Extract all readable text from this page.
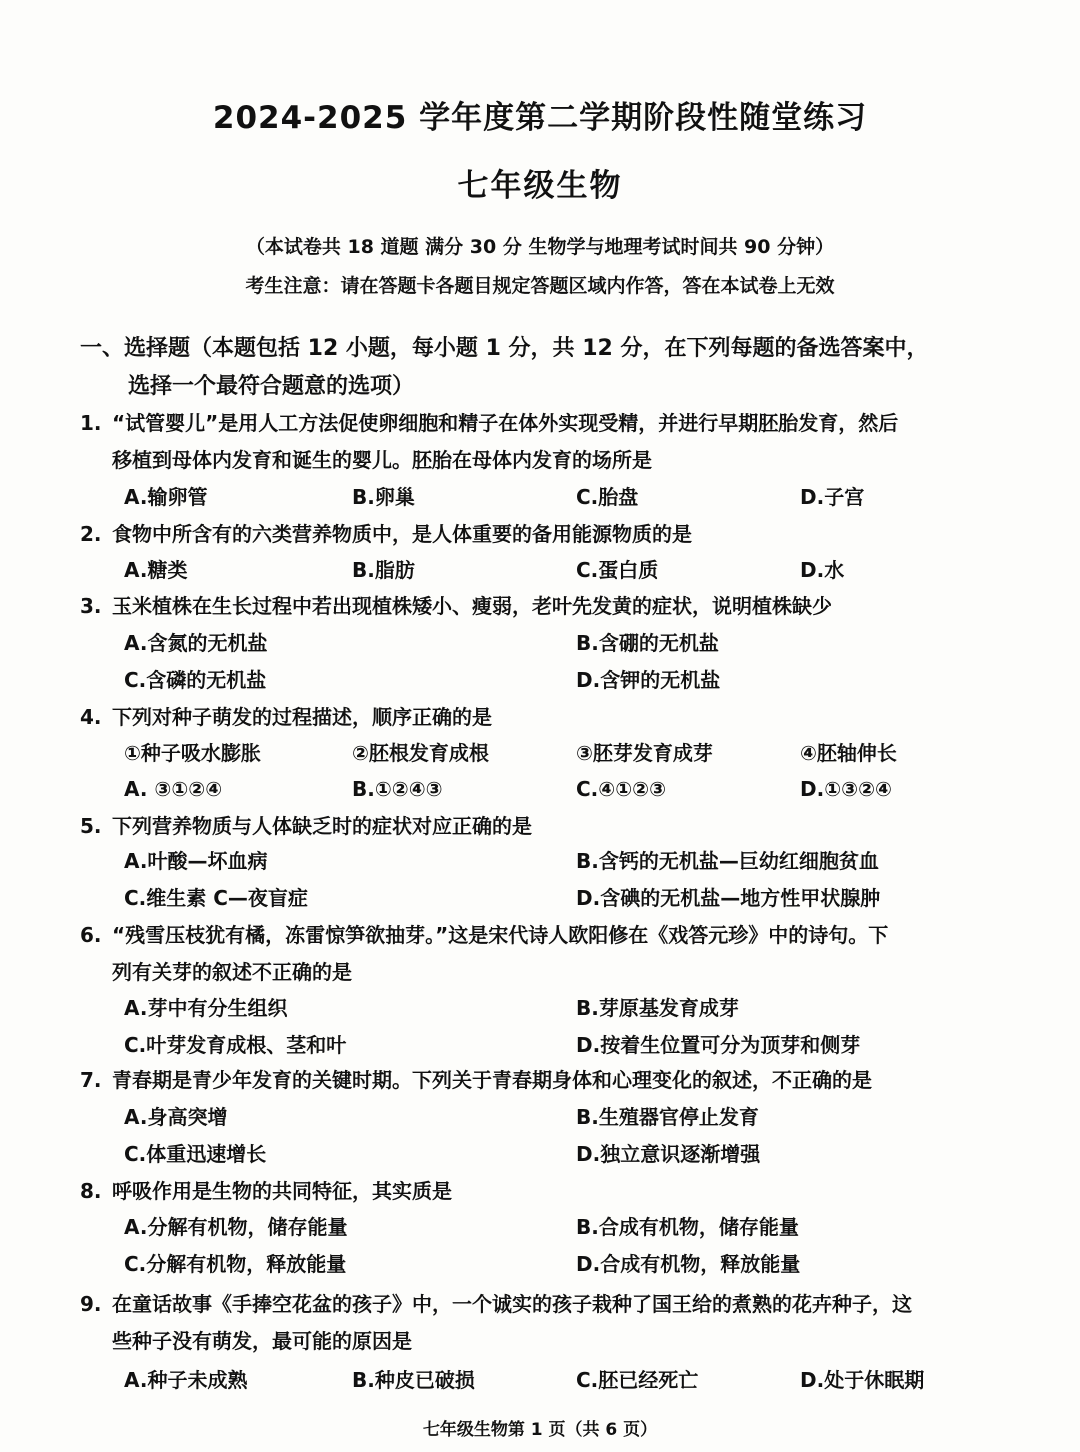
2024-2025 学年度第二学期阶段性随堂练习
七年级生物
（本试卷共 18 道题 满分 30 分 生物学与地理考试时间共 90 分钟）
考生注意：请在答题卡各题目规定答题区域内作答，答在本试卷上无效
一、选择题（本题包括 12 小题，每小题 1 分，共 12 分，在下列每题的备选答案中，
选择一个最符合题意的选项）
1. “试管婴儿”是用人工方法促使卵细胞和精子在体外实现受精，并进行早期胚胎发育，然后
移植到母体内发育和诞生的婴儿。胚胎在母体内发育的场所是
A.输卵管	B.卵巢	C.胎盘	D.子宫
2. 食物中所含有的六类营养物质中，是人体重要的备用能源物质的是
A.糖类	B.脂肪	C.蛋白质	D.水
3. 玉米植株在生长过程中若出现植株矮小、瘦弱，老叶先发黄的症状，说明植株缺少
A.含氮的无机盐	B.含硼的无机盐
C.含磷的无机盐	D.含钾的无机盐
4. 下列对种子萌发的过程描述，顺序正确的是
①种子吸水膨胀	②胚根发育成根	③胚芽发育成芽	④胚轴伸长
A. ③①②④	B.①②④③	C.④①②③	D.①③②④
5. 下列营养物质与人体缺乏时的症状对应正确的是
A.叶酸—坏血病	B.含钙的无机盐—巨幼红细胞贫血
C.维生素 C—夜盲症	D.含碘的无机盐—地方性甲状腺肿
6. “残雪压枝犹有橘，冻雷惊笋欲抽芽。”这是宋代诗人欧阳修在《戏答元珍》中的诗句。下
列有关芽的叙述不正确的是
A.芽中有分生组织	B.芽原基发育成芽
C.叶芽发育成根、茎和叶	D.按着生位置可分为顶芽和侧芽
7. 青春期是青少年发育的关键时期。下列关于青春期身体和心理变化的叙述，不正确的是
A.身高突增	B.生殖器官停止发育
C.体重迅速增长	D.独立意识逐渐增强
8. 呼吸作用是生物的共同特征，其实质是
A.分解有机物，储存能量	B.合成有机物，储存能量
C.分解有机物，释放能量	D.合成有机物，释放能量
9. 在童话故事《手捧空花盆的孩子》中，一个诚实的孩子栽种了国王给的煮熟的花卉种子，这
些种子没有萌发，最可能的原因是
A.种子未成熟	B.种皮已破损	C.胚已经死亡	D.处于休眠期
七年级生物第 1 页（共 6 页）
